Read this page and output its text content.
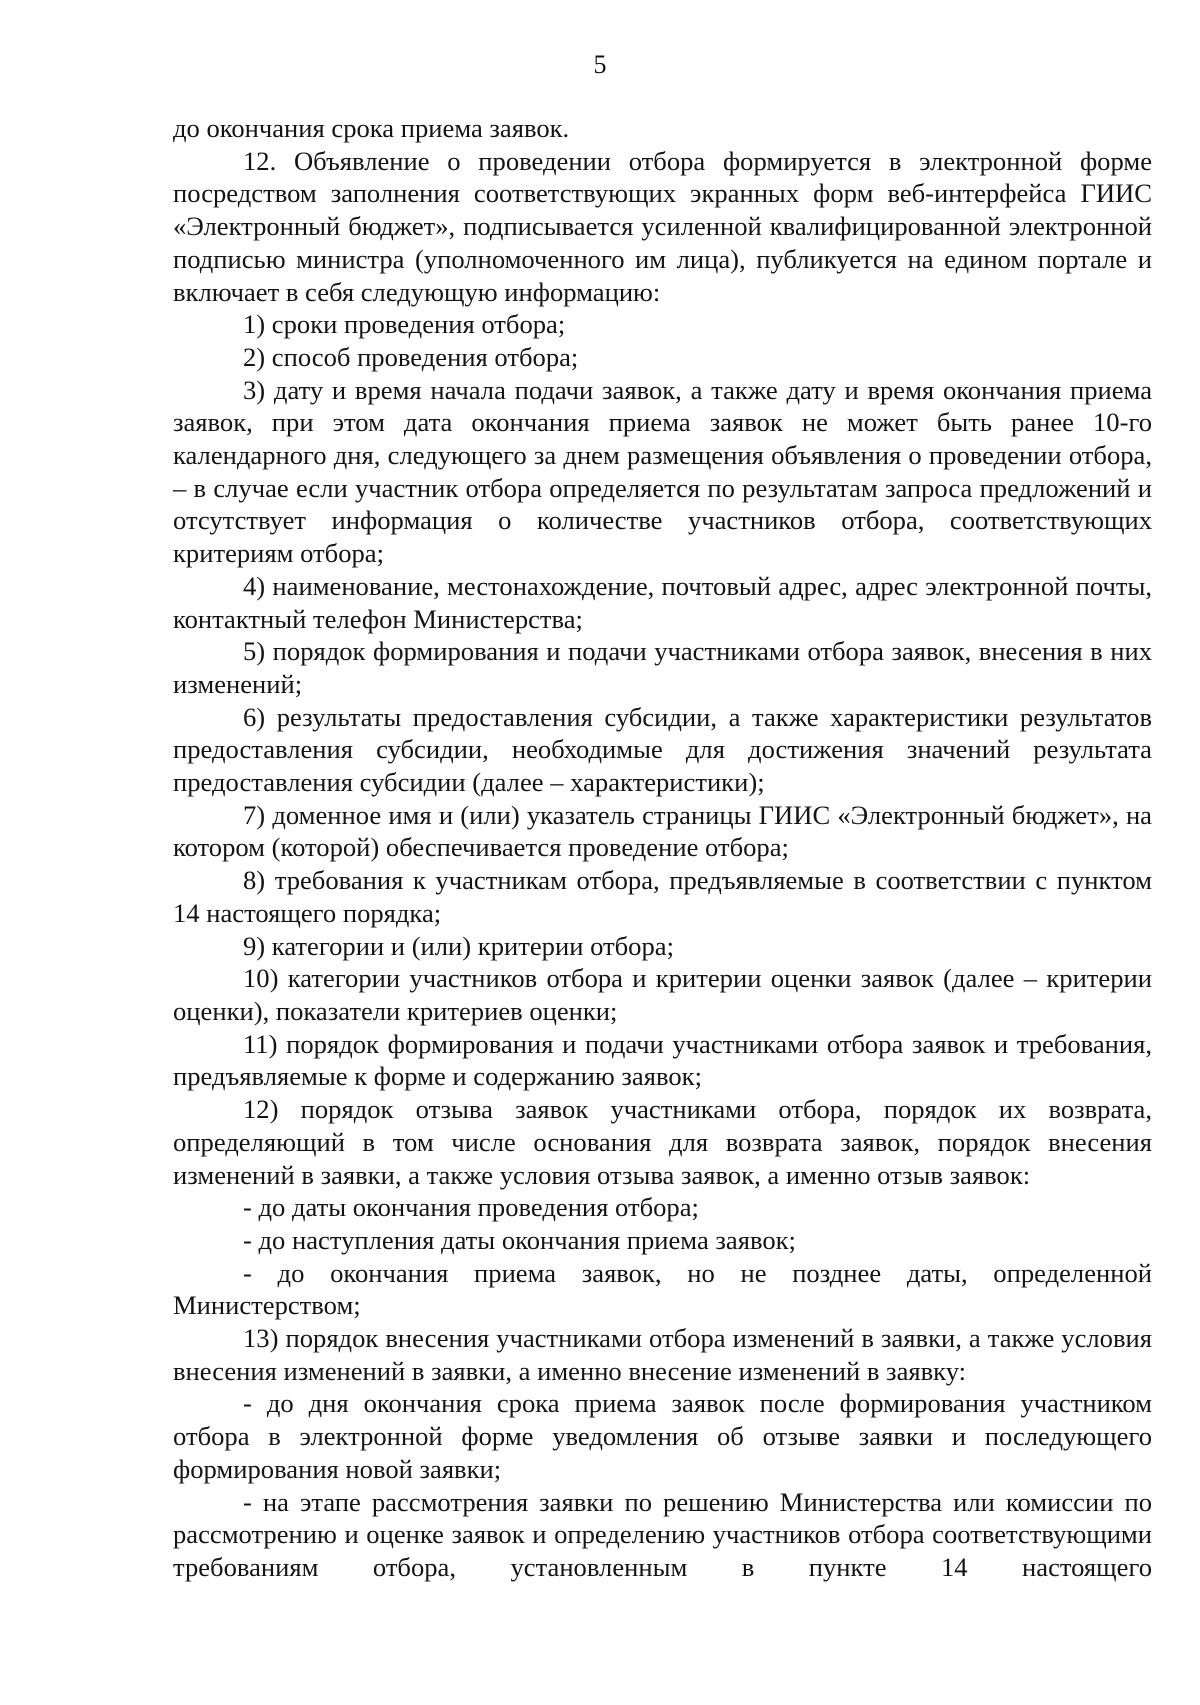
5

до окончания срока приема заявок.

12. Объявление о проведении отбора формируется в электронной форме посредством заполнения соответствующих экранных форм веб-интерфейса ГИИС «Электронный бюджет», подписывается усиленной квалифицированной электронной подписью министра (уполномоченного им лица), публикуется на едином портале и включает в себя следующую информацию:

1) сроки проведения отбора;

2) способ проведения отбора;

3) дату и время начала подачи заявок, а также дату и время окончания приема заявок, при этом дата окончания приема заявок не может быть ранее 10-го календарного дня, следующего за днем размещения объявления о проведении отбора, – в случае если участник отбора определяется по результатам запроса предложений и отсутствует информация о количестве участников отбора, соответствующих критериям отбора;

4) наименование, местонахождение, почтовый адрес, адрес электронной почты, контактный телефон Министерства;

5) порядок формирования и подачи участниками отбора заявок, внесения в них изменений;

6) результаты предоставления субсидии, а также характеристики результатов предоставления субсидии, необходимые для достижения значений результата предоставления субсидии (далее – характеристики);

7) доменное имя и (или) указатель страницы ГИИС «Электронный бюджет», на котором (которой) обеспечивается проведение отбора;

8) требования к участникам отбора, предъявляемые в соответствии с пунктом 14 настоящего порядка;

9) категории и (или) критерии отбора;

10) категории участников отбора и критерии оценки заявок (далее – критерии оценки), показатели критериев оценки;

11) порядок формирования и подачи участниками отбора заявок и требования, предъявляемые к форме и содержанию заявок;

12) порядок отзыва заявок участниками отбора, порядок их возврата, определяющий в том числе основания для возврата заявок, порядок внесения изменений в заявки, а также условия отзыва заявок, а именно отзыв заявок:

- до даты окончания проведения отбора;

- до наступления даты окончания приема заявок;

- до окончания приема заявок, но не позднее даты, определенной Министерством;

13) порядок внесения участниками отбора изменений в заявки, а также условия внесения изменений в заявки, а именно внесение изменений в заявку:

- до дня окончания срока приема заявок после формирования участником отбора в электронной форме уведомления об отзыве заявки и последующего формирования новой заявки;

- на этапе рассмотрения заявки по решению Министерства или комиссии по рассмотрению и оценке заявок и определению участников отбора соответствующими требованиям отбора, установленным в пункте 14 настоящего
